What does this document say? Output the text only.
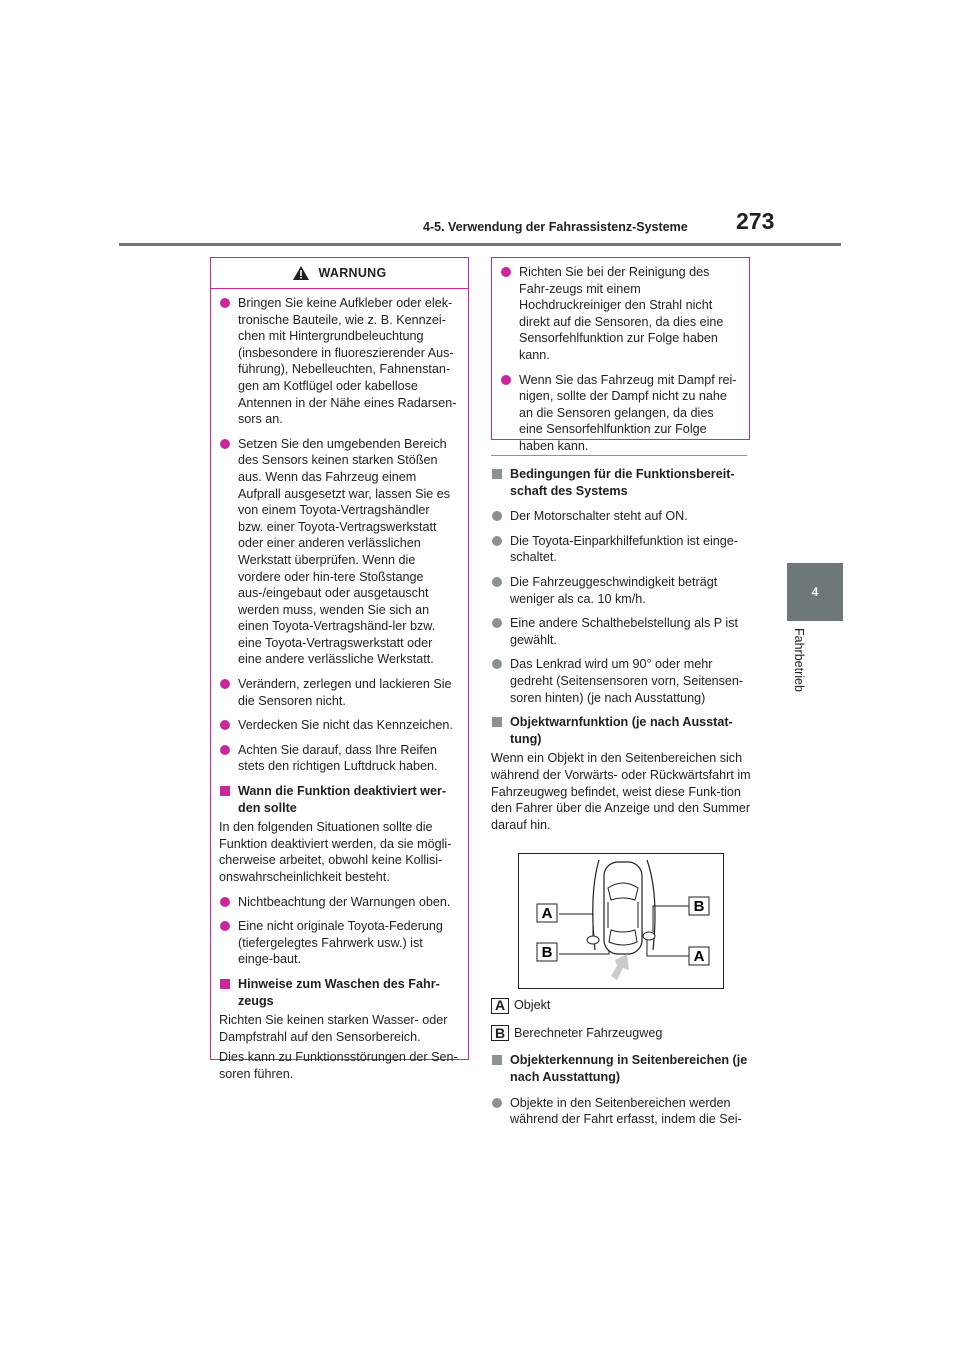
273
4-5. Verwendung der Fahrassistenz-Systeme
4
Fahrbetrieb
WARNUNG
Bringen Sie keine Aufkleber oder elek-tronische Bauteile, wie z. B. Kennzei-chen mit Hintergrundbeleuchtung (insbesondere in fluoreszierender Aus-führung), Nebelleuchten, Fahnenstan-gen am Kotflügel oder kabellose Antennen in der Nähe eines Radarsen-sors an.
Setzen Sie den umgebenden Bereich des Sensors keinen starken Stößen aus. Wenn das Fahrzeug einem Aufprall ausgesetzt war, lassen Sie es von einem Toyota-Vertragshändler bzw. einer Toyota-Vertragswerkstatt oder einer anderen verlässlichen Werkstatt überprüfen. Wenn die vordere oder hin-tere Stoßstange aus-/eingebaut oder ausgetauscht werden muss, wenden Sie sich an einen Toyota-Vertragshänd-ler bzw. eine Toyota-Vertragswerkstatt oder eine andere verlässliche Werkstatt.
Verändern, zerlegen und lackieren Sie die Sensoren nicht.
Verdecken Sie nicht das Kennzeichen.
Achten Sie darauf, dass Ihre Reifen stets den richtigen Luftdruck haben.
Wann die Funktion deaktiviert wer-den sollte
In den folgenden Situationen sollte die Funktion deaktiviert werden, da sie mögli-cherweise arbeitet, obwohl keine Kollisi-onswahrscheinlichkeit besteht.
Nichtbeachtung der Warnungen oben.
Eine nicht originale Toyota-Federung (tiefergelegtes Fahrwerk usw.) ist einge-baut.
Hinweise zum Waschen des Fahr-zeugs
Richten Sie keinen starken Wasser- oder Dampfstrahl auf den Sensorbereich.
Dies kann zu Funktionsstörungen der Sen-soren führen.
Richten Sie bei der Reinigung des Fahr-zeugs mit einem Hochdruckreiniger den Strahl nicht direkt auf die Sensoren, da dies eine Sensorfehlfunktion zur Folge haben kann.
Wenn Sie das Fahrzeug mit Dampf rei-nigen, sollte der Dampf nicht zu nahe an die Sensoren gelangen, da dies eine Sensorfehlfunktion zur Folge haben kann.
Bedingungen für die Funktionsbereit-schaft des Systems
Der Motorschalter steht auf ON.
Die Toyota-Einparkhilfefunktion ist einge-schaltet.
Die Fahrzeuggeschwindigkeit beträgt weniger als ca. 10 km/h.
Eine andere Schalthebelstellung als P ist gewählt.
Das Lenkrad wird um 90° oder mehr gedreht (Seitensensoren vorn, Seitensen-soren hinten) (je nach Ausstattung)
Objektwarnfunktion (je nach Ausstat-tung)
Wenn ein Objekt in den Seitenbereichen sich während der Vorwärts- oder Rückwärtsfahrt im Fahrzeugweg befindet, weist diese Funk-tion den Fahrer über die Anzeige und den Summer darauf hin.
A	B
B	A
A Objekt
B Berechneter Fahrzeugweg
Objekterkennung in Seitenbereichen (je nach Ausstattung)
Objekte in den Seitenbereichen werden während der Fahrt erfasst, indem die Sei-
